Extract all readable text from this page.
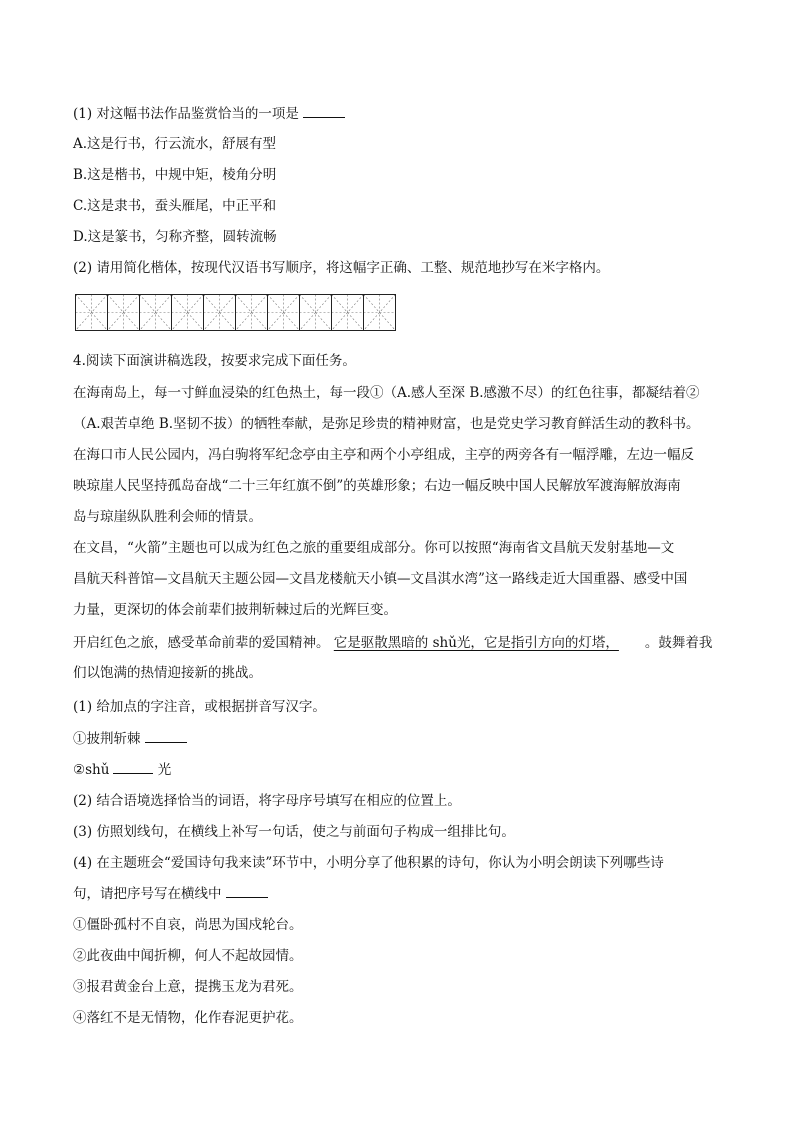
(1) 对这幅书法作品鉴赏恰当的一项是
A.这是行书，行云流水，舒展有型
B.这是楷书，中规中矩，棱角分明
C.这是隶书，蚕头雁尾，中正平和
D.这是篆书，匀称齐整，圆转流畅
(2) 请用简化楷体，按现代汉语书写顺序，将这幅字正确、工整、规范地抄写在米字格内。
4.阅读下面演讲稿选段，按要求完成下面任务。
在海南岛上，每一寸鲜血浸染的红色热土，每一段①（A.感人至深 B.感激不尽）的红色往事，都凝结着②
（A.艰苦卓绝 B.坚韧不拔）的牺牲奉献，是弥足珍贵的精神财富，也是党史学习教育鲜活生动的教科书。
在海口市人民公园内，冯白驹将军纪念亭由主亭和两个小亭组成，主亭的两旁各有一幅浮雕，左边一幅反
映琼崖人民坚持孤岛奋战“二十三年红旗不倒”的英雄形象；右边一幅反映中国人民解放军渡海解放海南
岛与琼崖纵队胜利会师的情景。
在文昌，“火箭”主题也可以成为红色之旅的重要组成部分。你可以按照“海南省文昌航天发射基地—文
昌航天科普馆—文昌航天主题公园—文昌龙楼航天小镇—文昌淇水湾”这一路线走近大国重器、感受中国
力量，更深切的体会前辈们披荆斩棘过后的光辉巨变。
开启红色之旅，感受革命前辈的爱国精神。 它是驱散黑暗的 shǔ光，它是指引方向的灯塔， 。鼓舞着我
们以饱满的热情迎接新的挑战。
(1) 给加点的字注音，或根据拼音写汉字。
①披荆斩棘
②shǔ	光
(2) 结合语境选择恰当的词语，将字母序号填写在相应的位置上。
(3) 仿照划线句，在横线上补写一句话，使之与前面句子构成一组排比句。
(4) 在主题班会“爱国诗句我来读”环节中，小明分享了他积累的诗句，你认为小明会朗读下列哪些诗
句，请把序号写在横线中
①僵卧孤村不自哀，尚思为国戍轮台。
②此夜曲中闻折柳，何人不起故园情。
③报君黄金台上意，提携玉龙为君死。
④落红不是无情物，化作春泥更护花。
